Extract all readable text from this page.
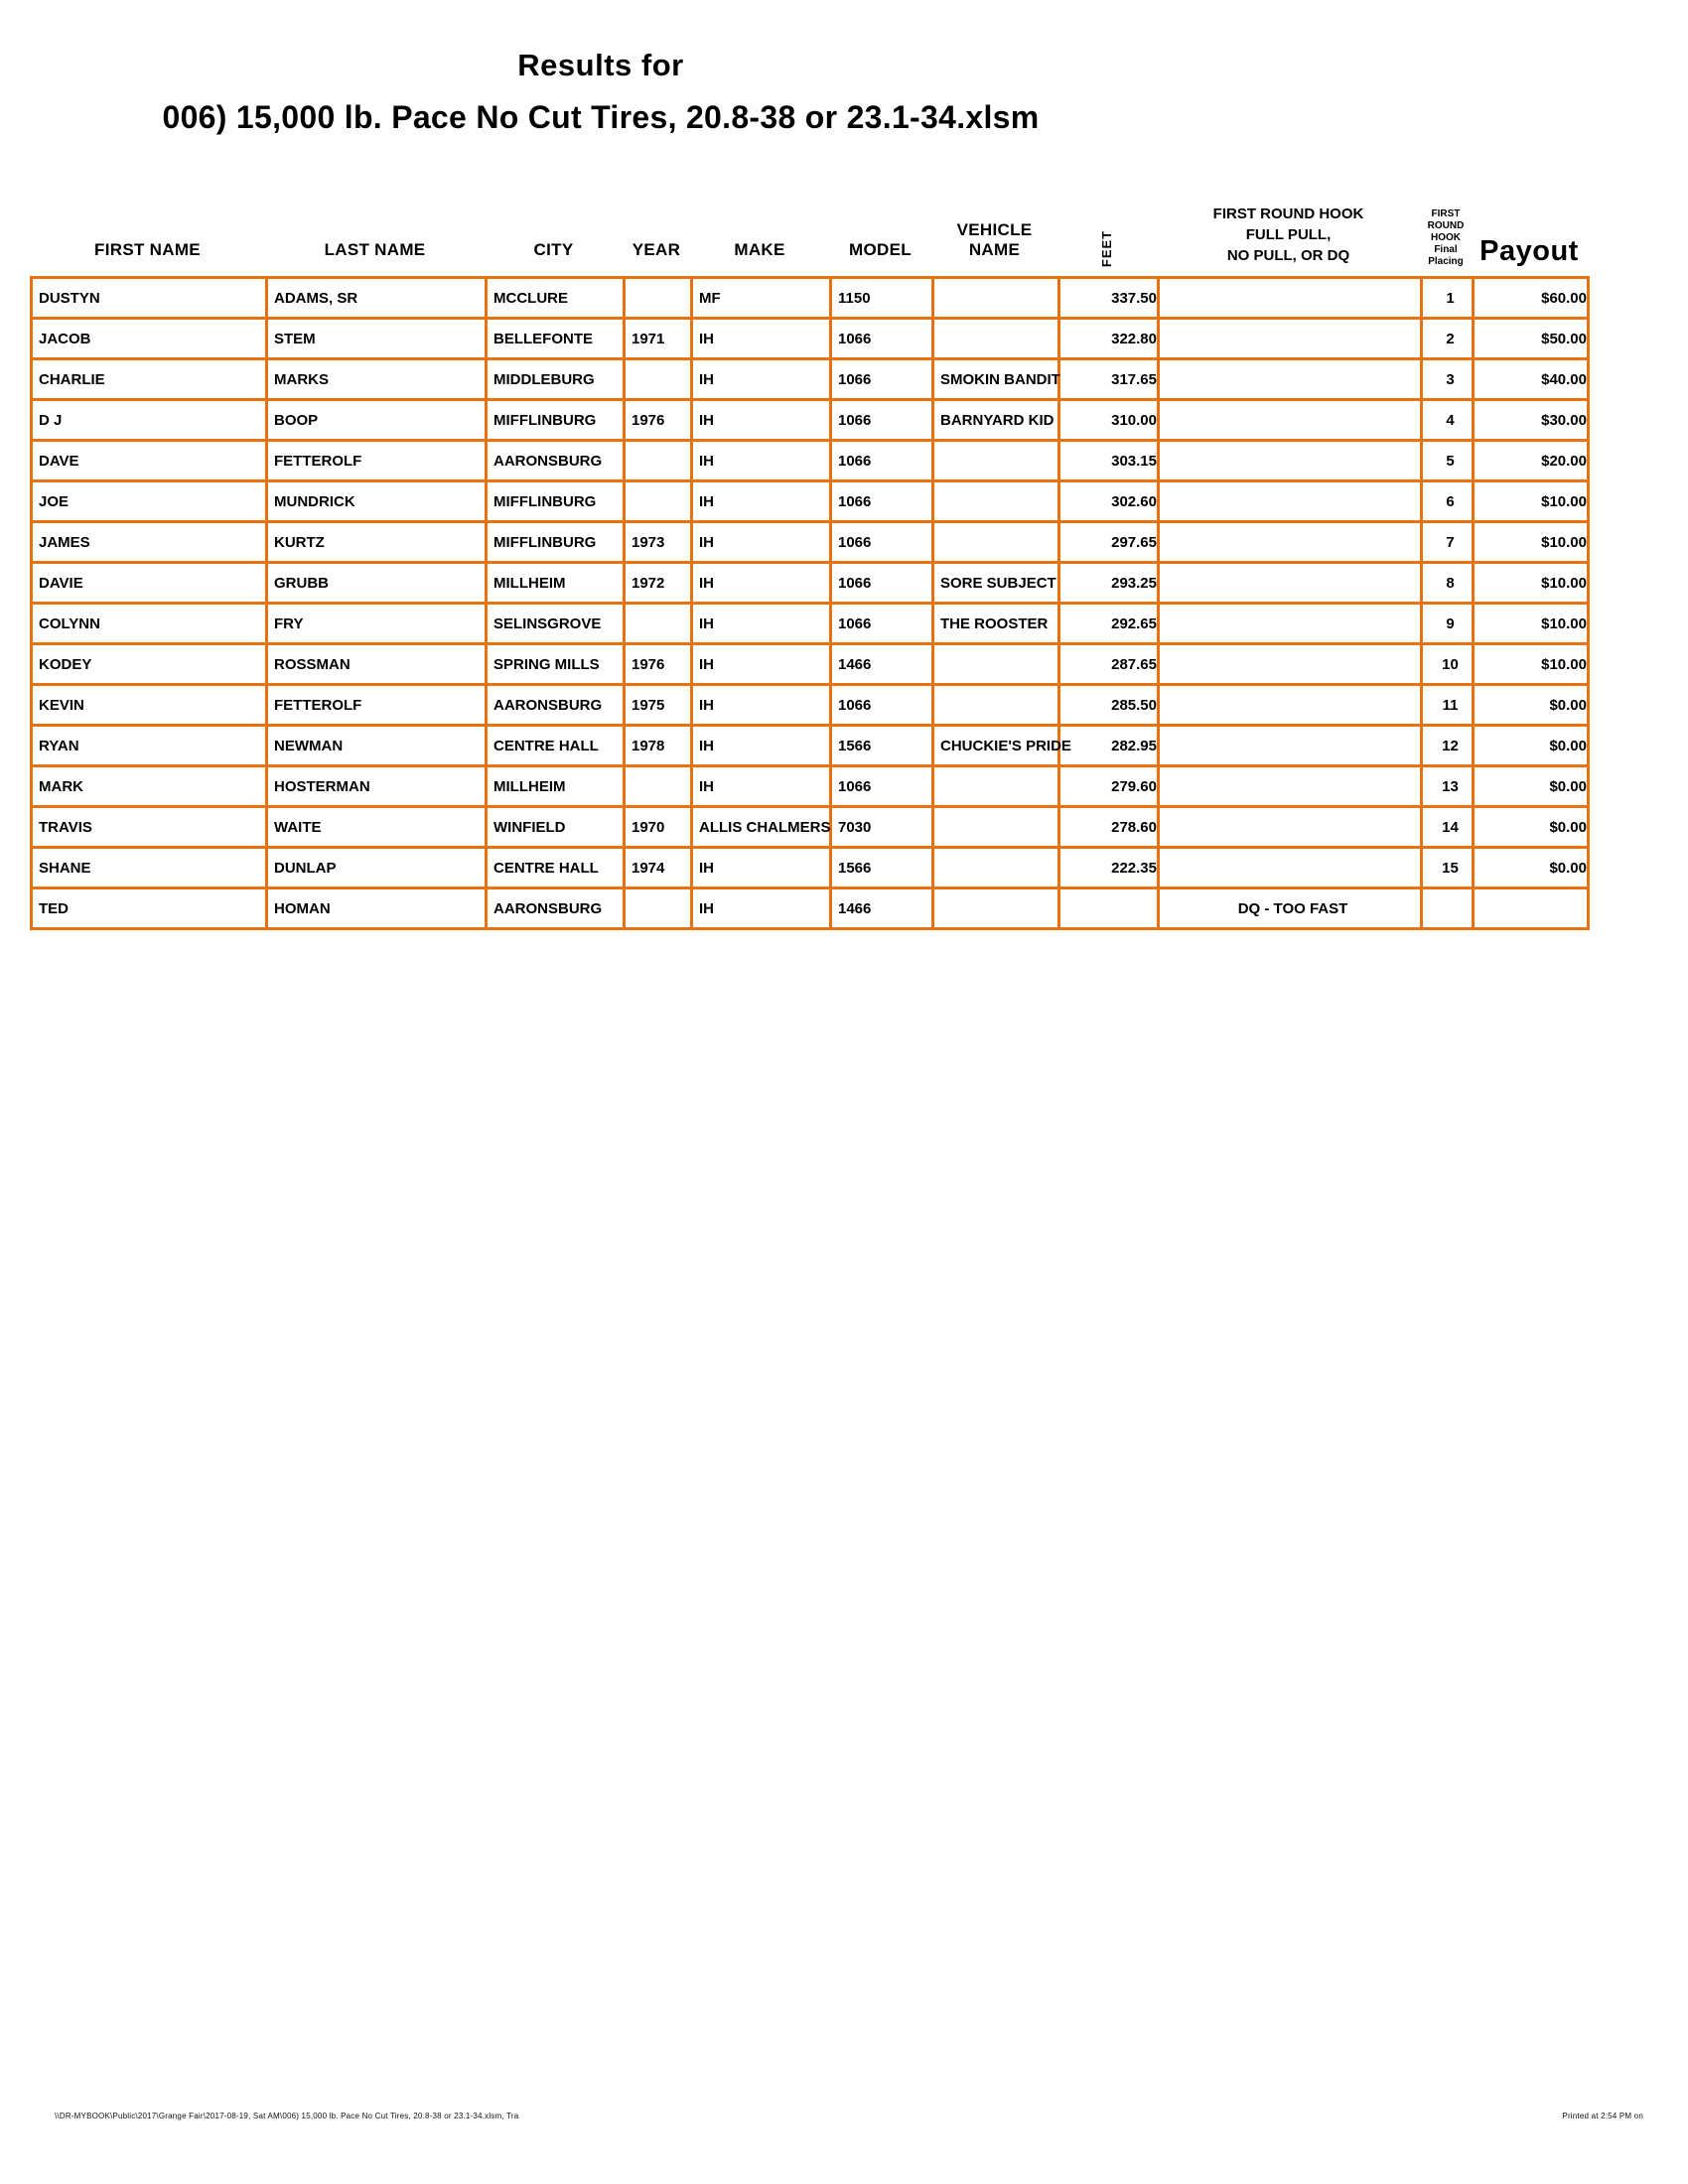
Results for
006) 15,000 lb. Pace No Cut Tires, 20.8-38 or 23.1-34.xlsm
FIRST NAME	LAST NAME	CITY	YEAR	MAKE	MODEL
VEHICLE NAME	FEET
FIRST ROUND HOOK
FULL PULL,
NO PULL, OR DQ
FIRST
ROUND
HOOK
Final
Placing Payout
DUSTYN	ADAMS, SR	MCCLURE		MF	1150		337.50		1	$60.00
JACOB	STEM	BELLEFONTE	1971	IH	1066		322.80		2	$50.00
CHARLIE	MARKS	MIDDLEBURG		IH	1066	SMOKIN BANDIT	317.65		3	$40.00
D J	BOOP	MIFFLINBURG	1976	IH	1066	BARNYARD KID	310.00		4	$30.00
DAVE	FETTEROLF	AARONSBURG		IH	1066		303.15		5	$20.00
JOE	MUNDRICK	MIFFLINBURG		IH	1066		302.60		6	$10.00
JAMES	KURTZ	MIFFLINBURG	1973	IH	1066		297.65		7	$10.00
DAVIE	GRUBB	MILLHEIM	1972	IH	1066	SORE SUBJECT	293.25		8	$10.00
COLYNN	FRY	SELINSGROVE		IH	1066	THE ROOSTER	292.65		9	$10.00
KODEY	ROSSMAN	SPRING MILLS	1976	IH	1466		287.65		10	$10.00
KEVIN	FETTEROLF	AARONSBURG	1975	IH	1066		285.50		11	$0.00
RYAN	NEWMAN	CENTRE HALL	1978	IH	1566	CHUCKIE'S PRIDE	282.95		12	$0.00
MARK	HOSTERMAN	MILLHEIM		IH	1066		279.60		13	$0.00
TRAVIS	WAITE	WINFIELD	1970	ALLIS CHALMERS	7030		278.60		14	$0.00
SHANE	DUNLAP	CENTRE HALL	1974	IH	1566		222.35		15	$0.00
TED	HOMAN	AARONSBURG		IH	1466			DQ - TOO FAST		
\\DR-MYBOOK\Public\2017\Grange Fair\2017-08-19, Sat AM\006) 15,000 lb. Pace No Cut Tires, 20.8-38 or 23.1-34.xlsm, Tra	Printed at 2:54 PM on
